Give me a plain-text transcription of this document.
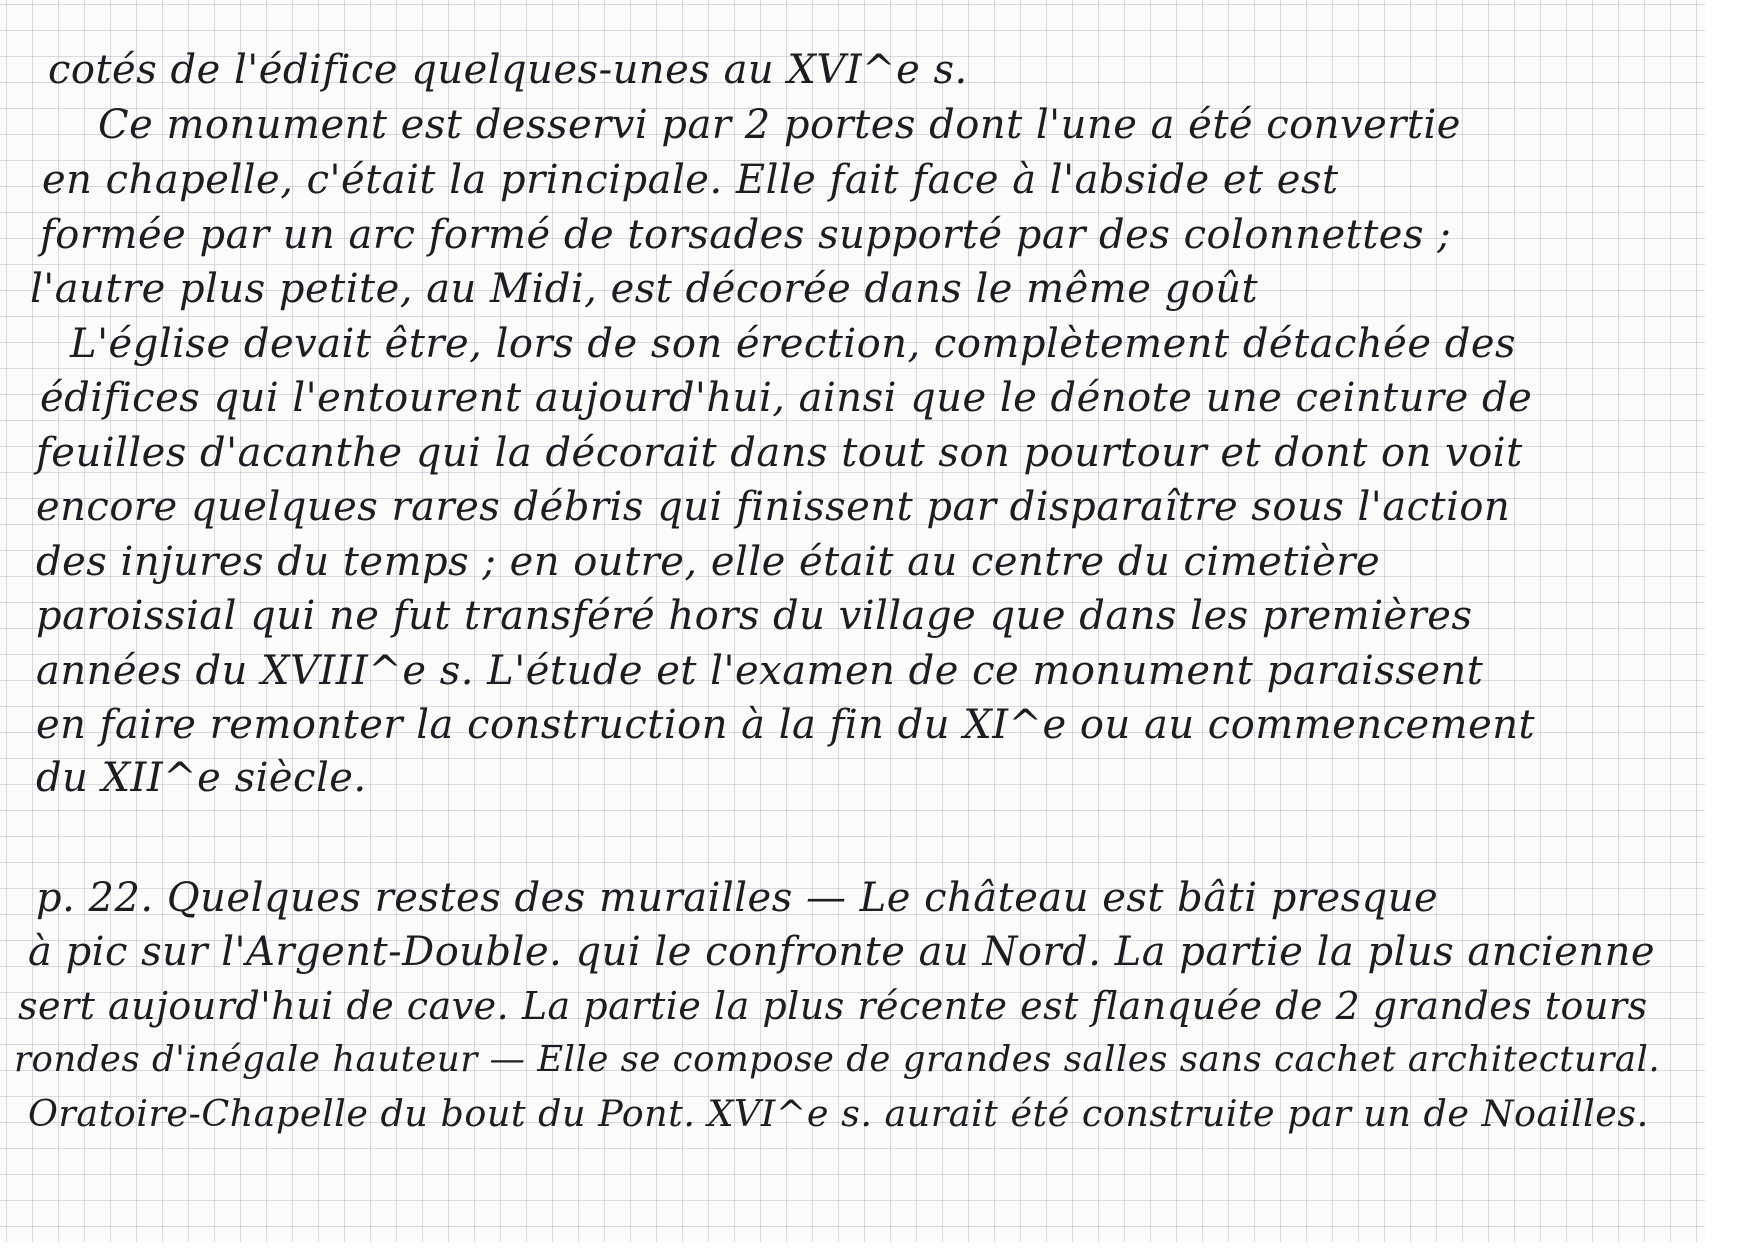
cotés de l'édifice quelques-unes au XVI^e s.
Ce monument est desservi par 2 portes dont l'une a été convertie
en chapelle, c'était la principale. Elle fait face à l'abside et est
formée par un arc formé de torsades supporté par des colonnettes ;
l'autre plus petite, au Midi, est décorée dans le même goût
L'église devait être, lors de son érection, complètement détachée des
édifices qui l'entourent aujourd'hui, ainsi que le dénote une ceinture de
feuilles d'acanthe qui la décorait dans tout son pourtour et dont on voit
encore quelques rares débris qui finissent par disparaître sous l'action
des injures du temps ; en outre, elle était au centre du cimetière
paroissial qui ne fut transféré hors du village que dans les premières
années du XVIII^e s. L'étude et l'examen de ce monument paraissent
en faire remonter la construction à la fin du XI^e ou au commencement
du XII^e siècle.
p. 22. Quelques restes des murailles — Le château est bâti presque
à pic sur l'Argent-Double. qui le confronte au Nord. La partie la plus ancienne
sert aujourd'hui de cave. La partie la plus récente est flanquée de 2 grandes tours
rondes d'inégale hauteur — Elle se compose de grandes salles sans cachet architectural.
Oratoire-Chapelle du bout du Pont. XVI^e s. aurait été construite par un de Noailles.
